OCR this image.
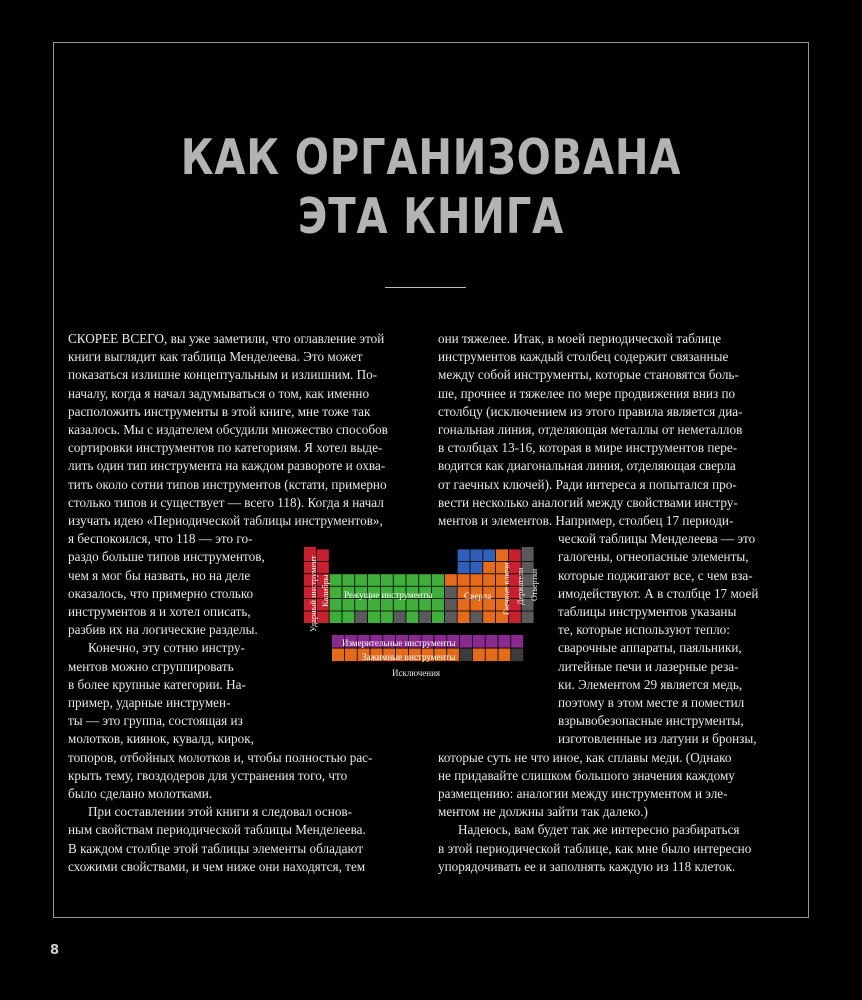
КАК ОРГАНИЗОВАНА
ЭТА КНИГА
СКОРЕЕ ВСЕГО, вы уже заметили, что оглавление этой
книги выглядит как таблица Менделеева. Это может
показаться излишне концептуальным и излишним. По-
началу, когда я начал задумываться о том, как именно
расположить инструменты в этой книге, мне тоже так
казалось. Мы с издателем обсудили множество способов
сортировки инструментов по категориям. Я хотел выде-
лить один тип инструмента на каждом развороте и охва-
тить около сотни типов инструментов (кстати, примерно
столько типов и существует — всего 118). Когда я начал
изучать идею «Периодической таблицы инструментов»,
я беспокоился, что 118 — это го-
раздо больше типов инструментов,
чем я мог бы назвать, но на деле
оказалось, что примерно столько
инструментов я и хотел описать,
разбив их на логические разделы.
Конечно, эту сотню инстру-
ментов можно сгруппировать
в более крупные категории. На-
пример, ударные инструмен-
ты — это группа, состоящая из
молотков, киянок, кувалд, кирок,
топоров, отбойных молотков и, чтобы полностью рас-
крыть тему, гвоздодеров для устранения того, что
было сделано молотками.
При составлении этой книги я следовал основ-
ным свойствам периодической таблицы Менделеева.
В каждом столбце этой таблицы элементы обладают
схожими свойствами, и чем ниже они находятся, тем
они тяжелее. Итак, в моей периодической таблице
инструментов каждый столбец содержит связанные
между собой инструменты, которые становятся боль-
ше, прочнее и тяжелее по мере продвижения вниз по
столбцу (исключением из этого правила является диа-
гональная линия, отделяющая металлы от неметаллов
в столбцах 13-16, которая в мире инструментов пере-
водится как диагональная линия, отделяющая сверла
от гаечных ключей). Ради интереса я попытался про-
вести несколько аналогий между свойствами инстру-
ментов и элементов. Например, столбец 17 периоди-
ческой таблицы Менделеева — это
галогены, огнеопасные элементы,
которые поджигают все, с чем вза-
имодействуют. А в столбце 17 моей
таблицы инструментов указаны
те, которые используют тепло:
сварочные аппараты, паяльники,
литейные печи и лазерные реза-
ки. Элементом 29 является медь,
поэтому в этом месте я поместил
взрывобезопасные инструменты,
изготовленные из латуни и бронзы,
которые суть не что иное, как сплавы меди. (Однако
не придавайте слишком большого значения каждому
размещению: аналогии между инструментом и эле-
ментом не должны зайти так далеко.)
Надеюсь, вам будет так же интересно разбираться
в этой периодической таблице, как мне было интересно
упорядочивать ее и заполнять каждую из 118 клеток.
Ударный инструмент Калибры Режущие инструменты	Сверла Гаечные ключи Держатели Отвертки
Измерительные инструменты
Зажимные инструменты
Исключения
8
